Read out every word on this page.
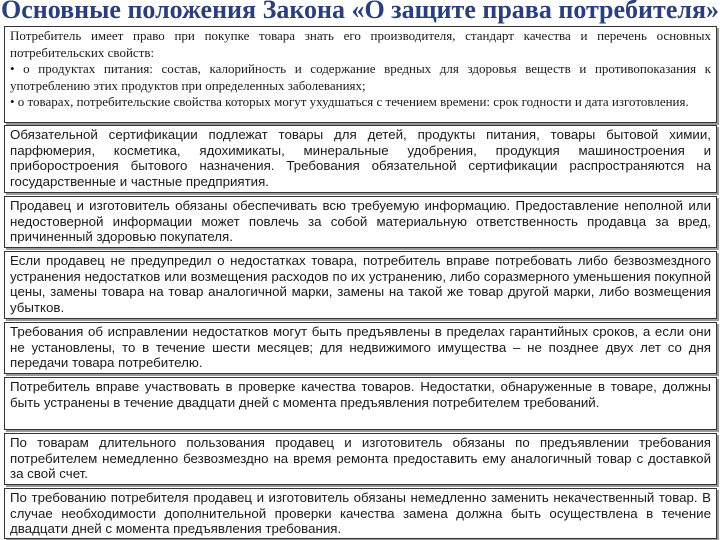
Основные положения Закона «О защите права потребителя»
Потребитель имеет право при покупке товара знать его производителя, стандарт качества и перечень основных потребительских свойств:
• о продуктах питания: состав, калорийность и содержание вредных для здоровья веществ и противопоказания к употреблению этих продуктов при определенных заболеваниях;
• о товарах, потребительские свойства которых могут ухудшаться с течением времени: срок годности и дата изготовления.
Обязательной сертификации подлежат товары для детей, продукты питания, товары бытовой химии, парфюмерия, косметика, ядохимикаты, минеральные удобрения, продукция машиностроения и приборостроения бытового назначения. Требования обязательной сертификации распространяются на государственные и частные предприятия.
Продавец и изготовитель обязаны обеспечивать всю требуемую информацию. Предоставление неполной или недостоверной информации может повлечь за собой материальную ответственность продавца за вред, причиненный здоровью покупателя.
Если продавец не предупредил о недостатках товара, потребитель вправе потребовать либо безвозмездного устранения недостатков или возмещения расходов по их устранению, либо соразмерного уменьшения покупной цены, замены товара на товар аналогичной марки, замены на такой же товар другой марки, либо возмещения убытков.
Требования об исправлении недостатков могут быть предъявлены в пределах гарантийных сроков, а если они не установлены, то в течение шести месяцев; для недвижимого имущества – не позднее двух лет со дня передачи товара потребителю.
Потребитель вправе участвовать в проверке качества товаров. Недостатки, обнаруженные в товаре, должны быть устранены в течение двадцати дней с момента предъявления потребителем требований.
По товарам длительного пользования продавец и изготовитель обязаны по предъявлении требования потребителем немедленно безвозмездно на время ремонта предоставить ему аналогичный товар с доставкой за свой счет.
По требованию потребителя продавец и изготовитель обязаны немедленно заменить некачественный товар. В случае необходимости дополнительной проверки качества замена должна быть осуществлена в течение двадцати дней с момента предъявления требования.
